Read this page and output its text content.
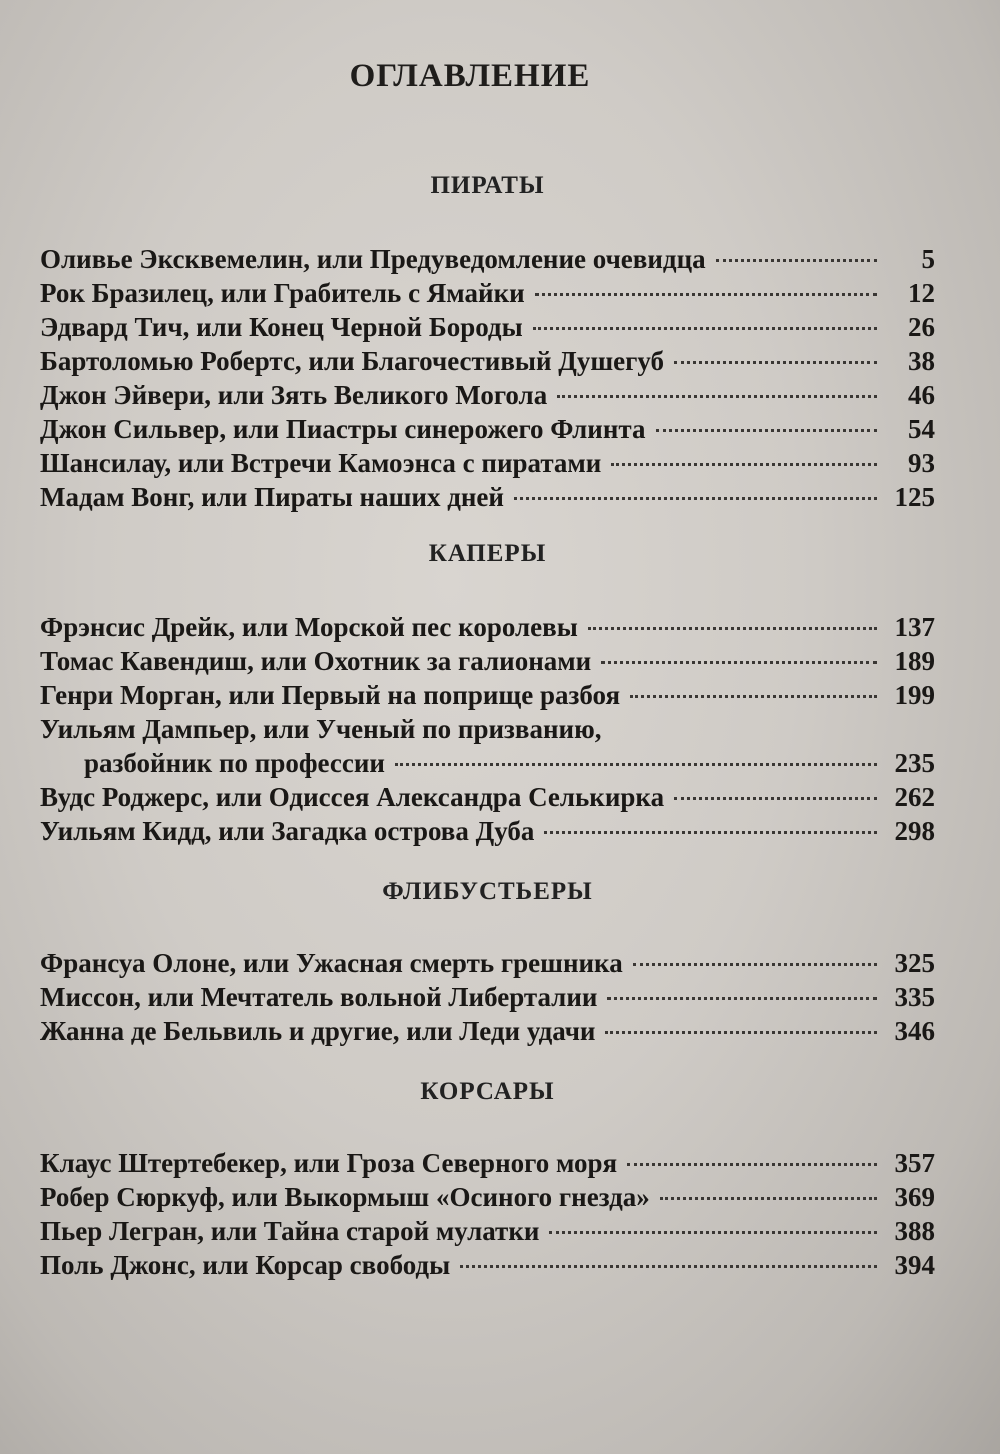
ОГЛАВЛЕНИЕ
ПИРАТЫ
Оливье Эксквемелин, или Предуведомление очевидца	5
Рок Бразилец, или Грабитель с Ямайки	12
Эдвард Тич, или Конец Черной Бороды	26
Бартоломью Робертс, или Благочестивый Душегуб	38
Джон Эйвери, или Зять Великого Могола	46
Джон Сильвер, или Пиастры синерожего Флинта	54
Шансилау, или Встречи Камоэнса с пиратами	93
Мадам Вонг, или Пираты наших дней	125
КАПЕРЫ
Фрэнсис Дрейк, или Морской пес королевы	137
Томас Кавендиш, или Охотник за галионами	189
Генри Морган, или Первый на поприще разбоя	199
Уильям Дампьер, или Ученый по призванию,
разбойник по профессии	235
Вудс Роджерс, или Одиссея Александра Селькирка	262
Уильям Кидд, или Загадка острова Дуба	298
ФЛИБУСТЬЕРЫ
Франсуа Олоне, или Ужасная смерть грешника	325
Миссон, или Мечтатель вольной Либерталии	335
Жанна де Бельвиль и другие, или Леди удачи	346
КОРСАРЫ
Клаус Штертебекер, или Гроза Северного моря	357
Робер Сюркуф, или Выкормыш «Осиного гнезда»	369
Пьер Легран, или Тайна старой мулатки	388
Поль Джонс, или Корсар свободы	394
